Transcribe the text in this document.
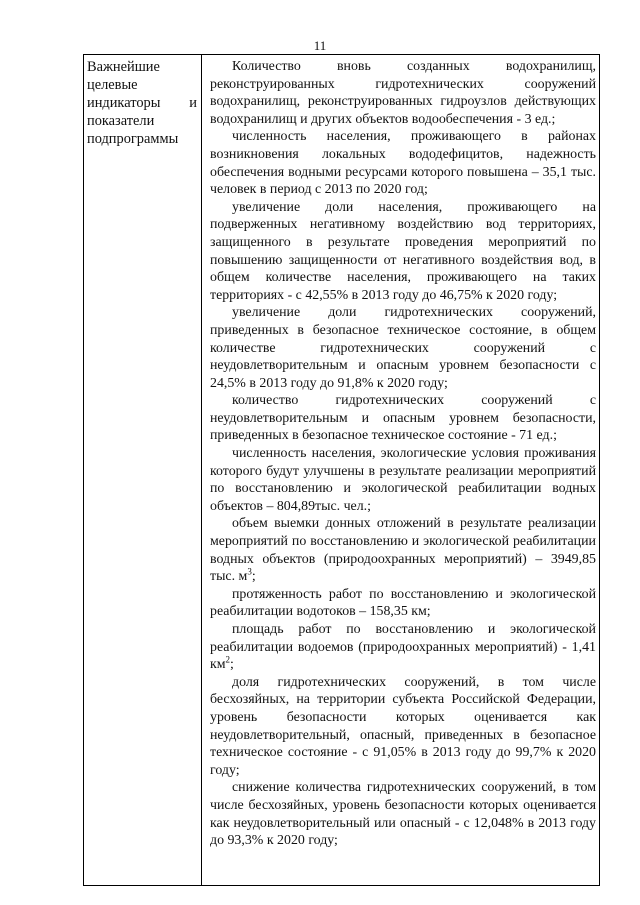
11
Важнейшие
целевые
индикаторы и
показатели
подпрограммы

Количество вновь созданных водохранилищ, реконструированных гидротехнических сооружений водохранилищ, реконструированных гидроузлов действующих водохранилищ и других объектов водообеспечения - 3 ед.;

численность населения, проживающего в районах возникновения локальных вододефицитов, надежность обеспечения водными ресурсами которого повышена – 35,1 тыс. человек в период с 2013 по 2020 год;

увеличение доли населения, проживающего на подверженных негативному воздействию вод территориях, защищенного в результате проведения мероприятий по повышению защищенности от негативного воздействия вод, в общем количестве населения, проживающего на таких территориях - с 42,55% в 2013 году до 46,75% к 2020 году;

увеличение доли гидротехнических сооружений, приведенных в безопасное техническое состояние, в общем количестве гидротехнических сооружений с неудовлетворительным и опасным уровнем безопасности с 24,5% в 2013 году до 91,8% к 2020 году;

количество гидротехнических сооружений с неудовлетворительным и опасным уровнем безопасности, приведенных в безопасное техническое состояние - 71 ед.;

численность населения, экологические условия проживания которого будут улучшены в результате реализации мероприятий по восстановлению и экологической реабилитации водных объектов – 804,89тыс. чел.;

объем выемки донных отложений в результате реализации мероприятий по восстановлению и экологической реабилитации водных объектов (природоохранных мероприятий) – 3949,85 тыс. $м^3$;

протяженность работ по восстановлению и экологической реабилитации водотоков – 158,35 км;

площадь работ по восстановлению и экологической реабилитации водоемов (природоохранных мероприятий) - 1,41 $км^2$;

доля гидротехнических сооружений, в том числе бесхозяйных, на территории субъекта Российской Федерации, уровень безопасности которых оценивается как неудовлетворительный, опасный, приведенных в безопасное техническое состояние - с 91,05% в 2013 году до 99,7% к 2020 году;

снижение количества гидротехнических сооружений, в том числе бесхозяйных, уровень безопасности которых оценивается как неудовлетворительный или опасный - с 12,048% в 2013 году до 93,3% к 2020 году;
